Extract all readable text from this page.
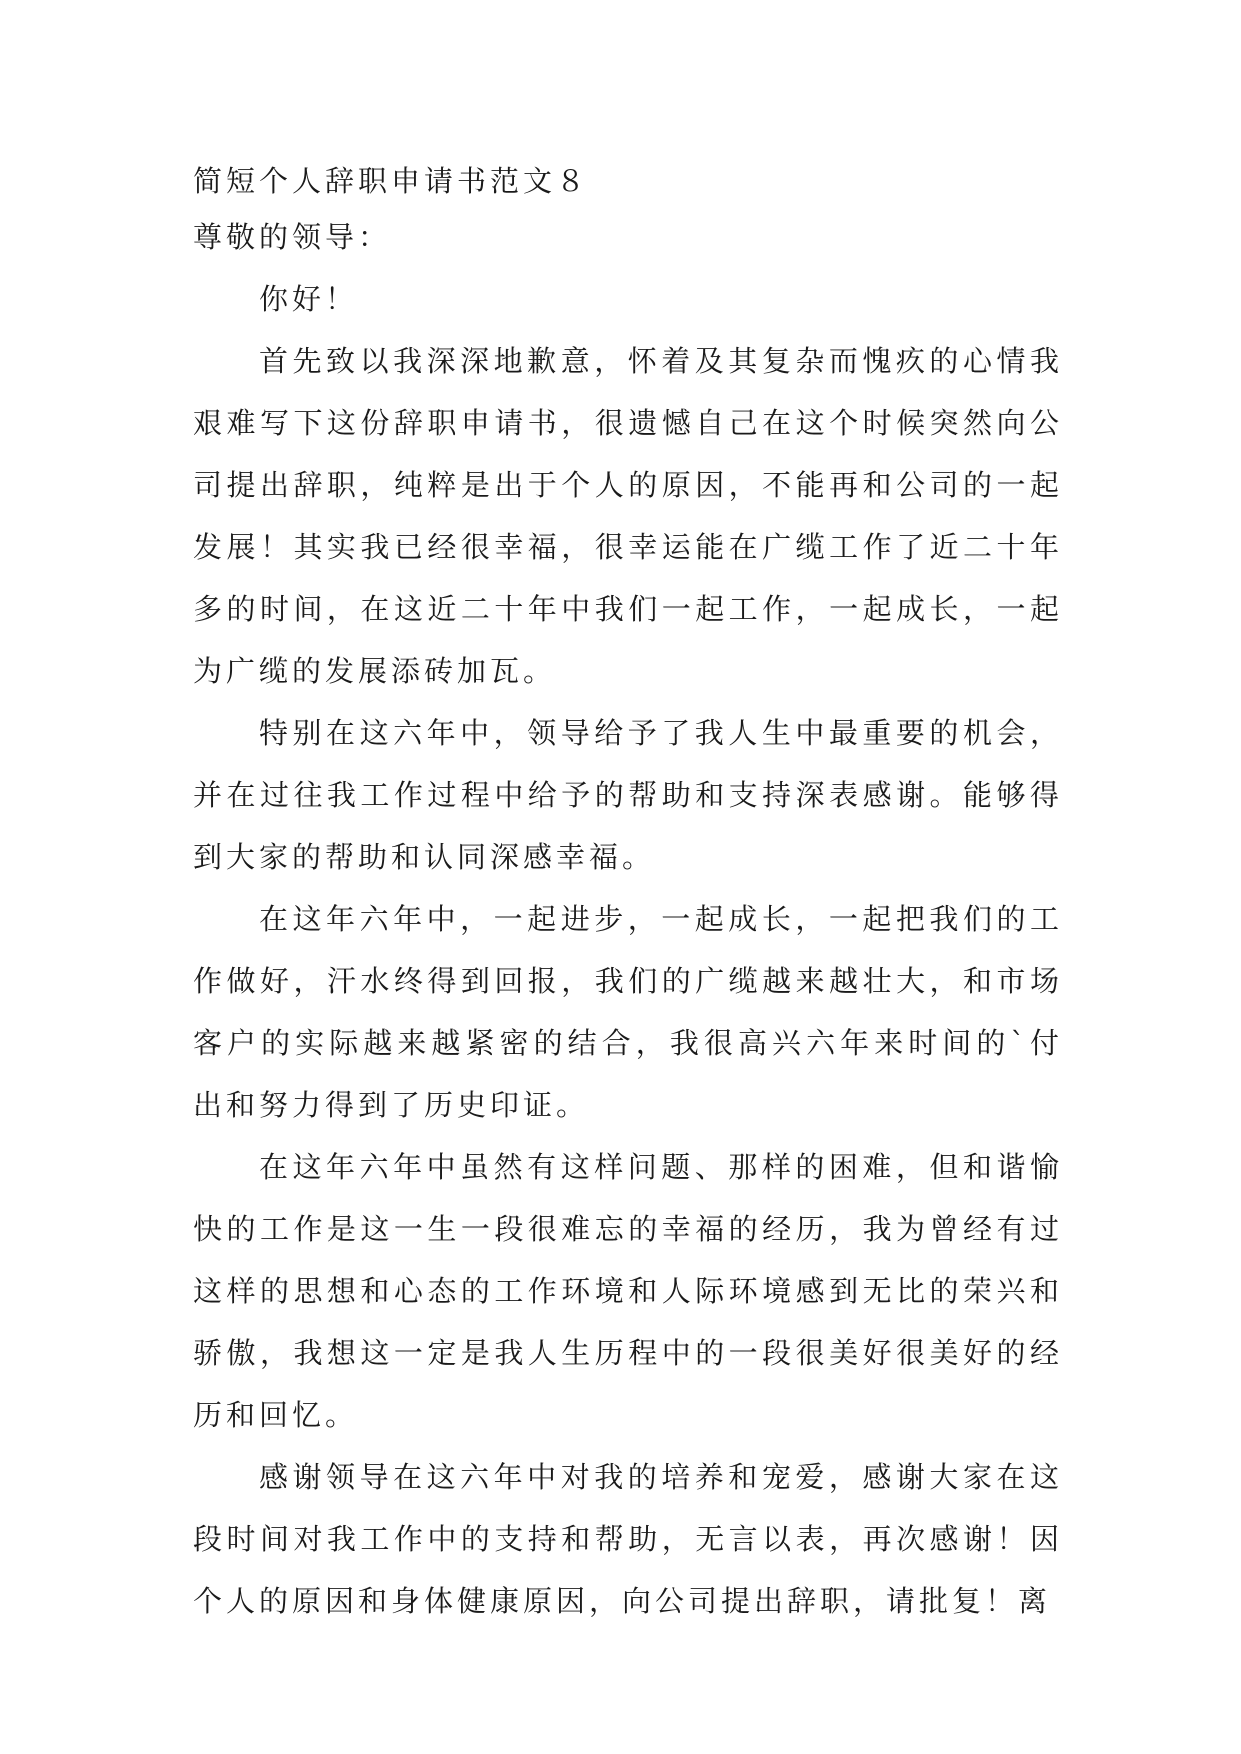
简短个人辞职申请书范文８

尊敬的领导：

你好！

首先致以我深深地歉意，怀着及其复杂而愧疚的心情我艰难写下这份辞职申请书，很遗憾自己在这个时候突然向公司提出辞职，纯粹是出于个人的原因，不能再和公司的一起发展！其实我已经很幸福，很幸运能在广缆工作了近二十年多的时间，在这近二十年中我们一起工作，一起成长，一起为广缆的发展添砖加瓦。

特别在这六年中，领导给予了我人生中最重要的机会，并在过往我工作过程中给予的帮助和支持深表感谢。能够得到大家的帮助和认同深感幸福。

在这年六年中，一起进步，一起成长，一起把我们的工作做好，汗水终得到回报，我们的广缆越来越壮大，和市场客户的实际越来越紧密的结合，我很高兴六年来时间的`付出和努力得到了历史印证。

在这年六年中虽然有这样问题、那样的困难，但和谐愉快的工作是这一生一段很难忘的幸福的经历，我为曾经有过这样的思想和心态的工作环境和人际环境感到无比的荣兴和骄傲，我想这一定是我人生历程中的一段很美好很美好的经历和回忆。

感谢领导在这六年中对我的培养和宠爱，感谢大家在这段时间对我工作中的支持和帮助，无言以表，再次感谢！因个人的原因和身体健康原因，向公司提出辞职，请批复！离
